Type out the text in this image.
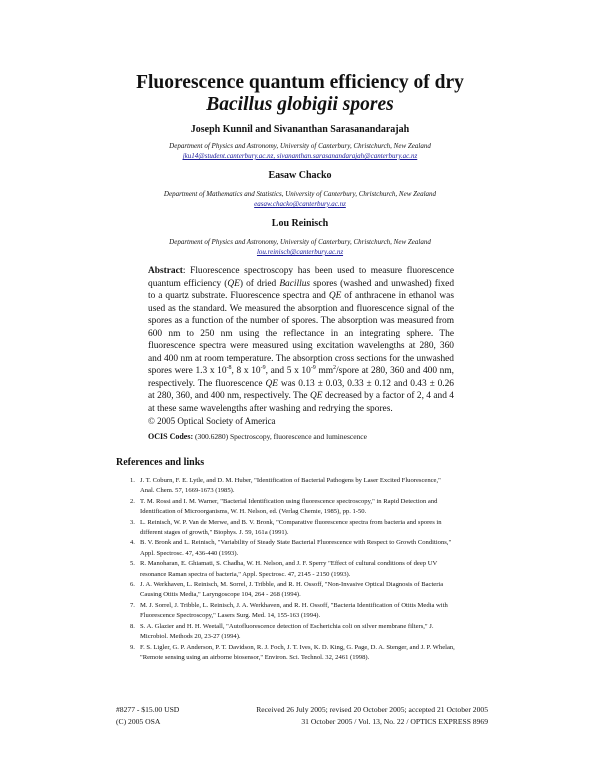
Fluorescence quantum efficiency of dry
Bacillus globigii spores
Joseph Kunnil and Sivananthan Sarasanandarajah
Department of Physics and Astronomy, University of Canterbury, Christchurch, New Zealand
jku14@student.canterbury.ac.nz, sivananthan.sarasanandarajah@canterbury.ac.nz
Easaw Chacko
Department of Mathematics and Statistics, University of Canterbury, Christchurch, New Zealand
easaw.chacko@canterbury.ac.nz
Lou Reinisch
Department of Physics and Astronomy, University of Canterbury, Christchurch, New Zealand
lou.reinisch@canterbury.ac.nz
Abstract: Fluorescence spectroscopy has been used to measure fluorescence quantum efficiency (QE) of dried Bacillus spores (washed and unwashed) fixed to a quartz substrate. Fluorescence spectra and QE of anthracene in ethanol was used as the standard. We measured the absorption and fluorescence signal of the spores as a function of the number of spores. The absorption was measured from 600 nm to 250 nm using the reflectance in an integrating sphere. The fluorescence spectra were measured using excitation wavelengths at 280, 360 and 400 nm at room temperature. The absorption cross sections for the unwashed spores were 1.3 x $10^{-8}$, 8 x $10^{-9}$, and 5 x $10^{-9}$ $mm^2$/spore at 280, 360 and 400 nm, respectively. The fluorescence QE was 0.13 ± 0.03, 0.33 ± 0.12 and 0.43 ± 0.26 at 280, 360, and 400 nm, respectively. The QE decreased by a factor of 2, 4 and 4 at these same wavelengths after washing and redrying the spores.
© 2005 Optical Society of America
OCIS Codes: (300.6280) Spectroscopy, fluorescence and luminescence
References and links
1. J. T. Coburn, F. E. Lytle, and D. M. Huber, "Identification of Bacterial Pathogens by Laser Excited Fluorescence," Anal. Chem. 57, 1669-1673 (1985).
2. T. M. Rossi and I. M. Warner, "Bacterial Identification using fluorescence spectroscopy," in Rapid Detection and Identification of Microorganisms, W. H. Nelson, ed. (Verlag Chemie, 1985), pp. 1-50.
3. L. Reinisch, W. P. Van de Merwe, and B. V. Bronk, "Comparative fluorescence spectra from bacteria and spores in different stages of growth," Biophys. J. 59, 161a (1991).
4. B. V. Bronk and L. Reinisch, "Variability of Steady State Bacterial Fluorescence with Respect to Growth Conditions," Appl. Spectrosc. 47, 436-440 (1993).
5. R. Manoharan, E. Ghiamati, S. Chadha, W. H. Nelson, and J. F. Sperry "Effect of cultural conditions of deep UV resonance Raman spectra of bacteria," Appl. Spectrosc. 47, 2145 - 2150 (1993).
6. J. A. Werkhaven, L. Reinisch, M. Sorrel, J. Tribble, and R. H. Ossoff, "Non-Invasive Optical Diagnosis of Bacteria Causing Otitis Media," Laryngoscope 104, 264 - 268 (1994).
7. M. J. Sorrel, J. Tribble, L. Reinisch, J. A. Werkhaven, and R. H. Ossoff, "Bacteria Identification of Otitis Media with Fluorescence Spectroscopy," Lasers Surg. Med. 14, 155-163 (1994).
8. S. A. Glazier and H. H. Weetall, "Autofluorescence detection of Escherichia coli on silver membrane filters," J. Microbiol. Methods 20, 23-27 (1994).
9. F. S. Ligler, G. P. Anderson, P. T. Davidson, R. J. Foch, J. T. Ives, K. D. King, G. Page, D. A. Stenger, and J. P. Whelan, "Remote sensing using an airborne biosensor," Environ. Sci. Technol. 32, 2461 (1998).
#8277 - $15.00 USD
(C) 2005 OSA
Received 26 July 2005; revised 20 October 2005; accepted 21 October 2005
31 October 2005 / Vol. 13, No. 22 / OPTICS EXPRESS 8969
